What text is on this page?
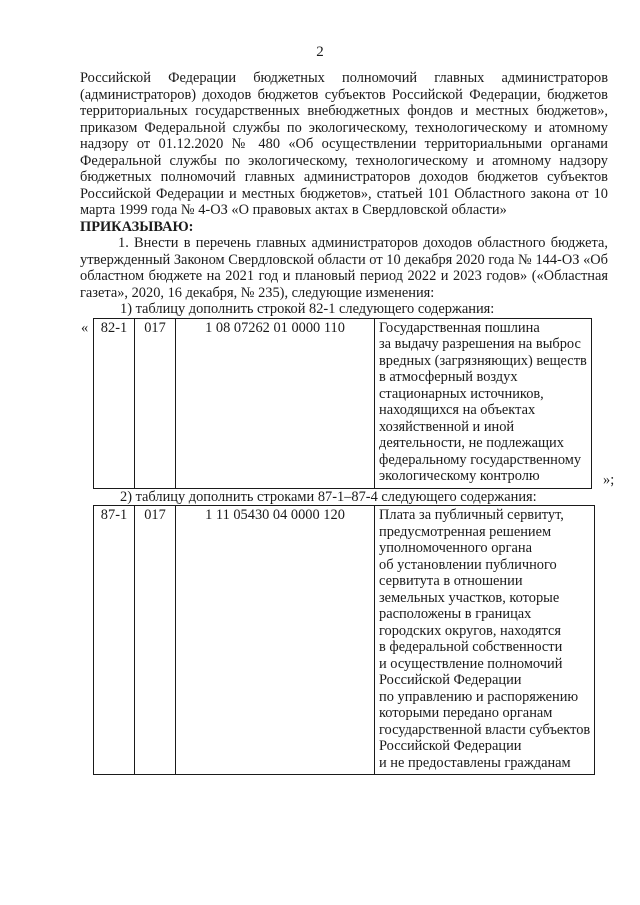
2

Российской Федерации бюджетных полномочий главных администраторов (администраторов) доходов бюджетов субъектов Российской Федерации, бюджетов территориальных государственных внебюджетных фондов и местных бюджетов», приказом Федеральной службы по экологическому, технологическому и атомному надзору от 01.12.2020 № 480 «Об осуществлении территориальными органами Федеральной службы по экологическому, технологическому и атомному надзору бюджетных полномочий главных администраторов доходов бюджетов субъектов Российской Федерации и местных бюджетов», статьей 101 Областного закона от 10 марта 1999 года № 4-ОЗ «О правовых актах в Свердловской области»

ПРИКАЗЫВАЮ:

1. Внести в перечень главных администраторов доходов областного бюджета, утвержденный Законом Свердловской области от 10 декабря 2020 года № 144-ОЗ «Об областном бюджете на 2021 год и плановый период 2022 и 2023 годов» («Областная газета», 2020, 16 декабря, № 235), следующие изменения:

1) таблицу дополнить строкой 82-1 следующего содержания:

« 82-1	017	1 08 07262 01 0000 110	Государственная пошлина
за выдачу разрешения на выброс
вредных (загрязняющих) веществ
в атмосферный воздух
стационарных источников,
находящихся на объектах
хозяйственной и иной
деятельности, не подлежащих
федеральному государственному
экологическому контролю	»;

2) таблицу дополнить строками 87-1–87-4 следующего содержания:

87-1	017	1 11 05430 04 0000 120	Плата за публичный сервитут,
предусмотренная решением
уполномоченного органа
об установлении публичного
сервитута в отношении
земельных участков, которые
расположены в границах
городских округов, находятся
в федеральной собственности
и осуществление полномочий
Российской Федерации
по управлению и распоряжению
которыми передано органам
государственной власти субъектов
Российской Федерации
и не предоставлены гражданам
